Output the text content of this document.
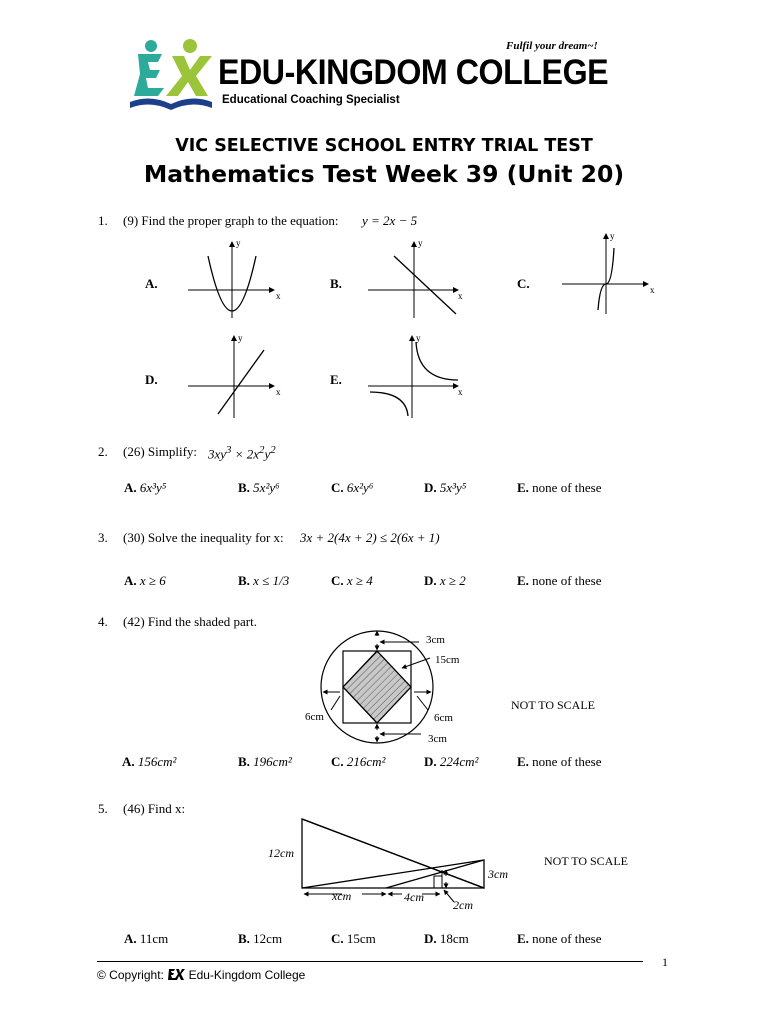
Fulfil your dream~!
EDU-KINGDOM COLLEGE
Educational Coaching Specialist
VIC SELECTIVE SCHOOL ENTRY TRIAL TEST
Mathematics Test Week 39 (Unit 20)
1. (9) Find the proper graph to the equation: y = 2x − 5
A.	B.	C.
D.	E.
x
y
x
y
x
y
x
y
x
y
2. (26) Simplify: $3xy^3 \times 2x^2y^2$
A. 6x³y⁵	B. 5x²y⁶	C. 6x²y⁶	D. 5x³y⁵	E. none of these
3. (30) Solve the inequality for x: 3x + 2(4x + 2) ≤ 2(6x + 1)
A. x ≥ 6	B. x ≤ 1/3	C. x ≥ 4	D. x ≥ 2	E. none of these
4. (42) Find the shaded part.
3cm
15cm
6cm	6cm
3cm
NOT TO SCALE
A. 156cm²	B. 196cm²	C. 216cm²	D. 224cm²	E. none of these
5. (46) Find x:
12cm
xcm	4cm
2cm
3cm
NOT TO SCALE
A. 11cm	B. 12cm	C. 15cm	D. 18cm	E. none of these
1
© Copyright: Edu-Kingdom College
